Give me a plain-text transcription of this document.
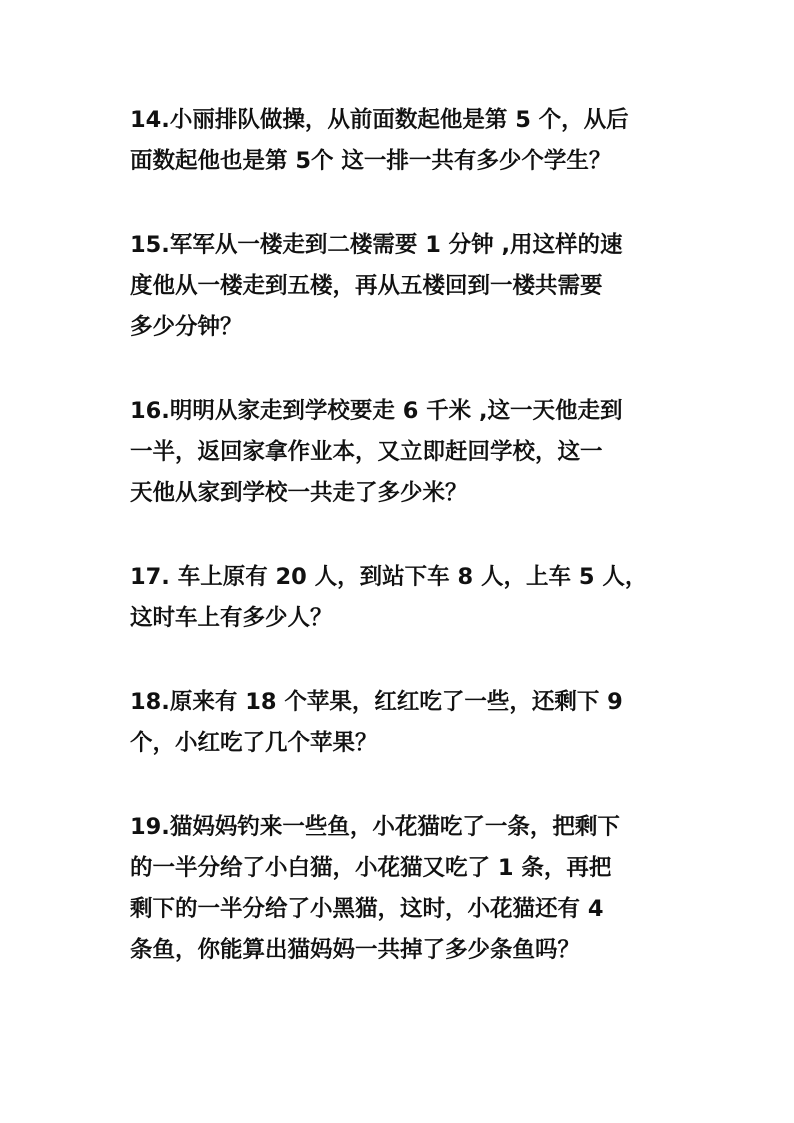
14.小丽排队做操，从前面数起他是第 5 个，从后
面数起他也是第 5个 这一排一共有多少个学生？
15.军军从一楼走到二楼需要 1 分钟 ,用这样的速
度他从一楼走到五楼，再从五楼回到一楼共需要
多少分钟？
16.明明从家走到学校要走 6 千米 ,这一天他走到
一半，返回家拿作业本，又立即赶回学校，这一
天他从家到学校一共走了多少米？
17. 车上原有 20 人，到站下车 8 人，上车 5 人，
这时车上有多少人？
18.原来有 18 个苹果，红红吃了一些，还剩下 9
个，小红吃了几个苹果？
19.猫妈妈钓来一些鱼，小花猫吃了一条，把剩下
的一半分给了小白猫，小花猫又吃了 1 条，再把
剩下的一半分给了小黑猫，这时，小花猫还有 4
条鱼，你能算出猫妈妈一共掉了多少条鱼吗？
